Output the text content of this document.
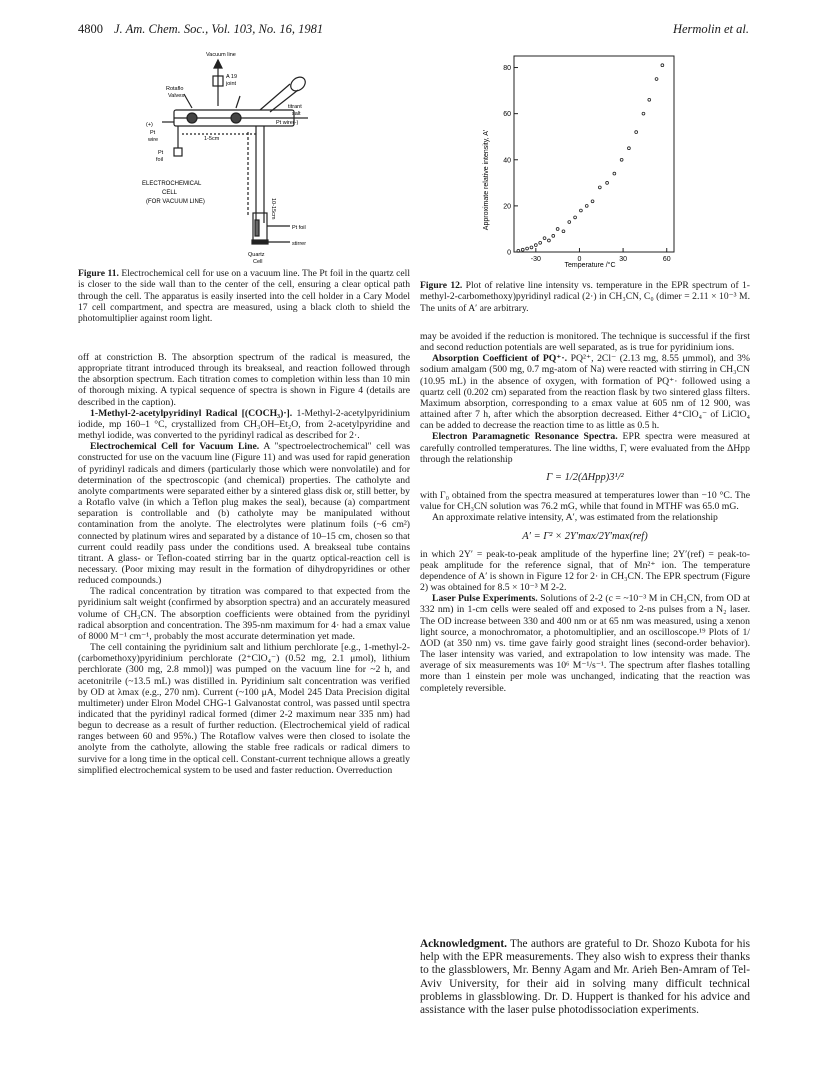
4800 J. Am. Chem. Soc., Vol. 103, No. 16, 1981	Hermolin et al.
Vacuum line
A 19
joint
Rotaflo
Valves
titrant
salt
(+)
Pt
wire
Pt wire(-)
1-5cm
Pt
foil
10-15cm
ELECTROCHEMICAL
CELL
(FOR VACUUM LINE)
Pt foil
stirrer
Quartz
Cell
Figure 11. Electrochemical cell for use on a vacuum line. The Pt foil in the quartz cell is closer to the side wall than to the center of the cell, ensuring a clear optical path through the cell. The apparatus is easily inserted into the cell holder in a Cary Model 17 cell compartment, and spectra are measured, using a black cloth to shield the photomultiplier against room light.

off at constriction B. The absorption spectrum of the radical is measured, the appropriate titrant introduced through its breakseal, and reaction followed through the absorption spectrum. Each titration comes to completion within less than 10 min of thorough mixing. A typical sequence of spectra is shown in Figure 4 (details are described in the caption).

1-Methyl-2-acetylpyridinyl Radical [(COCH₃)·]. 1-Methyl-2-acetylpyridinium iodide, mp 160–1 °C, crystallized from CH₃OH–Et₂O, from 2-acetylpyridine and methyl iodide, was converted to the pyridinyl radical as described for 2·.

Electrochemical Cell for Vacuum Line. A "spectroelectrochemical" cell was constructed for use on the vacuum line (Figure 11) and was used for rapid generation of pyridinyl radicals and dimers (particularly those which were nonvolatile) and for determination of the spectroscopic (and chemical) properties. The catholyte and anolyte compartments were separated either by a sintered glass disk or, still better, by a Rotaflo valve (in which a Teflon plug makes the seal), because (a) compartment separation is controllable and (b) catholyte may be manipulated without contamination from the anolyte. The electrolytes were platinum foils (~6 cm²) connected by platinum wires and separated by a distance of 10–15 cm, chosen so that current could readily pass under the conditions used. A breakseal tube contains titrant. A glass- or Teflon-coated stirring bar in the quartz optical-reaction cell is necessary. (Poor mixing may result in the formation of dihydropyridines or other reduced compounds.)

The radical concentration by titration was compared to that expected from the pyridinium salt weight (confirmed by absorption spectra) and an accurately measured volume of CH₃CN. The absorption coefficients were obtained from the pyridinyl radical absorption and concentration. The 395-nm maximum for 4· had a εmax value of 8000 M⁻¹ cm⁻¹, probably the most accurate determination yet made.

The cell containing the pyridinium salt and lithium perchlorate [e.g., 1-methyl-2-(carbomethoxy)pyridinium perchlorate (2⁺ClO₄⁻) (0.52 mg, 2.1 μmol), lithium perchlorate (300 mg, 2.8 mmol)] was pumped on the vacuum line for ~2 h, and acetonitrile (~13.5 mL) was distilled in. Pyridinium salt concentration was verified by OD at λmax (e.g., 270 nm). Current (~100 μA, Model 245 Data Precision digital multimeter) under Elron Model CHG-1 Galvanostat control, was passed until spectra indicated that the pyridinyl radical formed (dimer 2-2 maximum near 335 nm) had begun to decrease as a result of further reduction. (Electrochemical yield of radical ranges between 60 and 95%.) The Rotaflow valves were then closed to isolate the anolyte from the catholyte, allowing the stable free radicals or radical dimers to survive for a long time in the optical cell. Constant-current technique allows a greatly simplified electrochemical system to be used and faster reduction. Overreduction

Approximate relative intensity, A′
Temperature /°C
0
20
40
60
80
-30	0	30	60
Figure 12. Plot of relative line intensity vs. temperature in the EPR spectrum of 1-methyl-2-carbomethoxy)pyridinyl radical (2·) in CH₃CN, C₀ (dimer = 2.11 × 10⁻³ M. The units of A′ are arbitrary.

may be avoided if the reduction is monitored. The technique is successful if the first and second reduction potentials are well separated, as is true for pyridinium ions.

Absorption Coefficient of PQ⁺·. PQ²⁺, 2Cl⁻ (2.13 mg, 8.55 μmmol), and 3% sodium amalgam (500 mg, 0.7 mg-atom of Na) were reacted with stirring in CH₃CN (10.95 mL) in the absence of oxygen, with formation of PQ⁺· followed using a quartz cell (0.202 cm) separated from the reaction flask by two sintered glass filters. Maximum absorption, corresponding to a εmax value at 605 nm of 12 900, was attained after 7 h, after which the absorption decreased. Either 4⁺ClO₄⁻ of LiClO₄ can be added to decrease the reaction time to as little as 0.5 h.

Electron Paramagnetic Resonance Spectra. EPR spectra were measured at carefully controlled temperatures. The line widths, Γ, were evaluated from the ΔHpp through the relationship

Γ = 1/2(ΔHpp)3¹/²

with Γ₀ obtained from the spectra measured at temperatures lower than −10 °C. The value for CH₃CN solution was 76.2 mG, while that found in MTHF was 65.0 mG.

An approximate relative intensity, A′, was estimated from the relationship

A′ = Γ² × 2Y′max/2Y′max(ref)

in which 2Y′ = peak-to-peak amplitude of the hyperfine line; 2Y′(ref) = peak-to-peak amplitude for the reference signal, that of Mn²⁺ ion. The temperature dependence of A′ is shown in Figure 12 for 2· in CH₃CN. The EPR spectrum (Figure 2) was obtained for 8.5 × 10⁻³ M 2-2.

Laser Pulse Experiments. Solutions of 2-2 (c = ~10⁻³ M in CH₃CN, from OD at 332 nm) in 1-cm cells were sealed off and exposed to 2-ns pulses from a N₂ laser. The OD increase between 330 and 400 nm or at 65 nm was measured, using a xenon light source, a monochromator, a photomultiplier, and an oscilloscope.¹⁹ Plots of 1/ΔOD (at 350 nm) vs. time gave fairly good straight lines (second-order behavior). The laser intensity was varied, and extrapolation to low intensity was made. The average of six measurements was 10⁶ M⁻¹/s⁻¹. The spectrum after flashes totalling more than 1 einstein per mole was unchanged, indicating that the reaction was completely reversible.

Acknowledgment. The authors are grateful to Dr. Shozo Kubota for his help with the EPR measurements. They also wish to express their thanks to the glassblowers, Mr. Benny Agam and Mr. Arieh Ben-Amram of Tel-Aviv University, for their aid in solving many difficult technical problems in glassblowing. Dr. D. Huppert is thanked for his advice and assistance with the laser pulse photodissociation experiments.
